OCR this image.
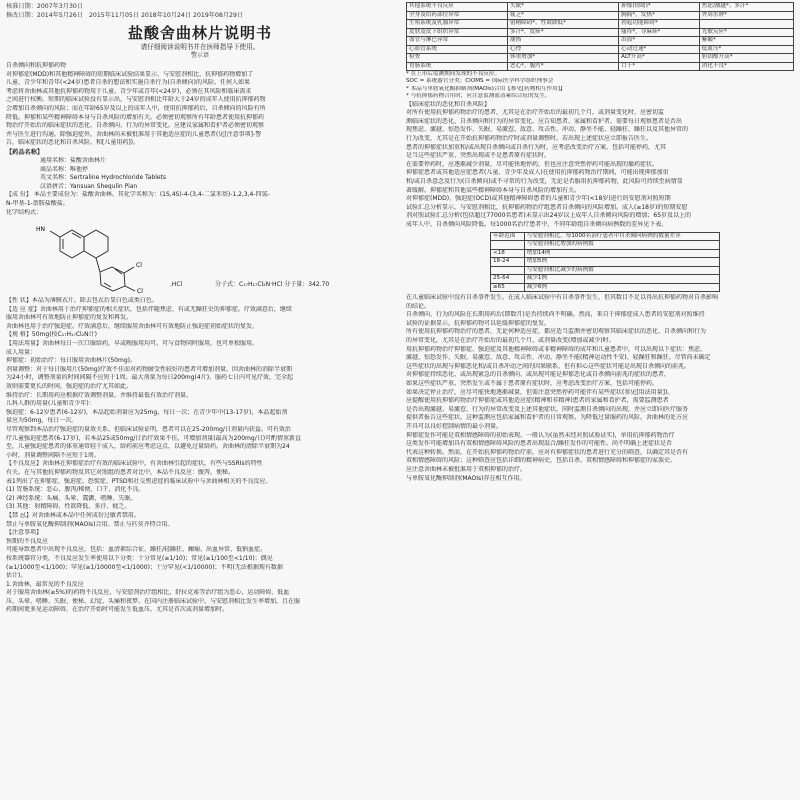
核准日期：2007年3月30日
修改日期：2014年5月26日 2015年11月05日 2018年10月24日 2019年08月29日
盐酸舍曲林片说明书
请仔细阅读说明书并在医师指导下使用。
警示语

自杀倾向和抗抑郁药物

对抑郁症(MDD)和其他精神障碍的短期临床试验结果显示，与安慰剂相比，抗抑郁药物增加了

儿童、青少年和青年(<24岁)患者自杀的想法和实施自杀行为(自杀倾向)的风险。任何人如果

考虑将舍曲林或其他抗抑郁药物用于儿童、青少年或青年(<24岁)，必须在其风险和临床需求

之间进行权衡。短期的临床试验没有显示出，与安慰剂相比年龄大于24岁的成年人使用抗抑郁药物

会增加自杀倾向的风险；而在年龄65岁及以上的成年人中，使用抗抑郁药后，自杀倾向的风险有所

降低。抑郁和某些精神障碍本身与自杀风险的增加有关。必须密切观察所有年龄患者使用抗抑郁药

物治疗开始后的临床症状的恶化、自杀倾向、行为的异常变化。应建议家属和看护者必须密切观察

并与医生进行沟通。除强迫症外，舍曲林尚未被批准用于其他适应症的儿童患者(见[注意事项]-警

告，临床症状的恶化和自杀风险，和[儿童用药])。

【药品名称】

通用名称：盐酸舍曲林片

商品名称：唯他停

英文名称：Sertraline Hydrochloride Tablets

汉语拼音：Yansuan Shequlin Pian

【成 份】 本品主要成份为：盐酸舍曲林。其化学名称为：(1S,4S)-4-(3,4-二氯苯基)-1,2,3,4-四氢-

N-甲基-1-萘胺盐酸盐。

化学结构式：

HN
Cl
Cl
.HCl	分子式：C₁₇H₁₇Cl₂N·HCl 分子量：342.70

【性 状】本品为薄膜衣片，除去包衣后显白色或类白色。

【适 应 症】舍曲林用于治疗抑郁症的相关症状，包括伴随焦虑、有或无躁狂史的抑郁症。疗效满意后，继续

服用舍曲林可有效地防止抑郁症的复发和再发。

舍曲林也用于治疗强迫症。疗效满意后，继续服用舍曲林可有效地防止强迫症初始症状的复发。

【规 格】50mg(按C₁₇H₁₇Cl₂N计)

【用法用量】舍曲林每日一次口服给药，早或晚服用均可。可与食物同时服用，也可单独服用。

成人用量：

抑郁症：初始治疗：每日服用舍曲林片(50mg)。

剂量调整：对于每日服用片(50mg)疗效不佳而对药物耐受性较好的患者可增加剂量，因舍曲林的消除半衰期

为24小时，调整剂量的时间间隔不应短于1周。最大剂量为每日200mg(4片)。服药七日内可见疗效，完全起

效则需要更长的时间，强迫症的治疗尤其如此。

维持治疗：长期用药应根据疗效调整剂量，并维持最低有效治疗剂量。

儿科人群的用量(儿童和青少年)：

强迫症：6-12岁患者(6-12岁)，本品起始剂量应为25mg，每日一次；在青少年中(13-17岁)，本品起始剂

量应为50mg，每日一次。

尽管观察到本品治疗强迫症的量效关系，但临床试验证明，患者可以在25-200mg/日剂量内获益。可有效治

疗儿童强迫症患者(6-17岁)，若本品25或50mg/日治疗效果不佳，可增加剂量(最高为200mg/日)可酌情重新直

至，儿童强迫症患者的体重通常轻于成人，给药前应考虑这点，以避免过量给药。舍曲林的清除半衰期为24

小时，剂量调整间隔不应短于1周。

【不良反应】舍曲林在抑郁症治疗有效的临床试验中，有舍曲林引起的症状，有些与SSRIs的特性

有关。在与其他抗抑郁药物及其它对照组的患者对比中，本品不良反应：腹泻，便秘。

表1列出了在抑郁症、强迫症、恐慌症、PTSD和社交焦虑症的临床试验中与舍曲林相关的不良反应。

(1) 胃肠系统：恶心、腹泻/稀便、口干、消化不良。

(2) 神经系统：头痛、头晕、震颤、嗜睡、失眠。

(3) 其他：射精障碍、性欲降低、多汗、疲乏。

【禁 忌】对舍曲林或本品中任何成份过敏者禁用。

禁止与单胺氧化酶抑制剂(MAOIs)合用。禁止与匹莫齐特合用。

【注意事项】

预期的不良反应

可能导致患者中出现不良反应，包括：血清素综合征、躁狂/轻躁狂、癫痫、出血异常、低钠血症。

按系统器官分类，不良反应发生率使用以下分类：十分常见(≥1/10)；常见(≥1/100至<1/10)；偶见

(≥1/1000至<1/100)；罕见(≥1/10000至<1/1000)；十分罕见(<1/10000)；不明(无法根据现有数据

估计)。

1.舍曲林，最常见的不良反应

对于服用舍曲林(≥5%)的药物不良反应，与安慰剂治疗组相比，舒拉克索等治疗组为恶心、运动障碍、低血

压、头晕、嗜睡、失眠、便秘、幻觉、头痛和夜梦。在国内注册临床试验中，与安慰剂相比发生率增加，且在服

药期间更多见运动障碍，在治疗开始时可能发生低血压，尤其是首次或剂量增加时。

其他系统不良反应	失眠*	抑郁(情绪)*	焦虑/激越*；多汗*
全身及给药部位异常	疲乏*	胸痛*，发热*	外周水肿*
生殖系统及乳腺异常	射精障碍*，性欲降低*	勃起功能障碍*	
皮肤及皮下组织异常	多汗*，皮疹*	瘙痒*，荨麻疹*	光敏反应*
血管与淋巴异常	潮热	出血*	紫癜*
心血管系统	心悸	心动过速*	低血压*
检查	体重增加*	ALT升高*	胆固醇升高*
胃肠系统	恶心*，腹泻*	口干*	消化不良*
* 在上市后监测期间发现的不良反应。
SOC = 系统器官分类；CIOMS = 国际医学科学组织理事会
* 本品与单胺氧化酶抑制剂(MAOIs)合用【参见[药物相互作用]】
* 与抗抑郁药物合用时，应注意监测血清素综合征的发生。

【临床症状的恶化和自杀风险】

对所有使用抗抑郁药物治疗的患者，尤其是在治疗开始后的最初几个月，或剂量变化时，应密切监

测临床症状的恶化、自杀倾向和行为的异常变化。应告知患者、家属和看护者，需要每日观察患者是否出

现焦虑、激越、惊恐发作、失眠、易激惹、敌意、攻击性、冲动、静坐不能、轻躁狂、躁狂以及其他异常的

行为改变，尤其是在开始抗抑郁药物治疗时或剂量调整时。若出现上述症状应立即报告医生。

患者的抑郁症状加重和/或出现自杀倾向或自杀行为时，应考虑改变治疗方案，包括可能停药，尤其

是当这些症状严重、突然出现或不是患者原有症状时。

在需要停药时，应逐渐减少剂量，尽可能快地停药，但也应注意突然停药可能出现的撤药症状。

抑郁症患者或其他适应症患者(儿童、青少年及成人)在使用抗抑郁药物治疗期间，可能出现抑郁加重

和/或自杀意念及行为(自杀倾向)或不寻常的行为改变，无论是否服用抗抑郁药物，此风险可持续至病情显

著缓解。抑郁症和其他某些精神障碍本身与自杀风险的增加有关。

对抑郁症(MDD)、强迫症(OCD)或其他精神障碍患者的儿童和青少年(<18岁)进行的安慰剂对照短期

试验汇总分析显示，与安慰剂相比，抗抑郁药物治疗组患者自杀倾向的风险增加。成人(≥18岁)的短期安慰

剂对照试验汇总分析(包括超过77000名患者)未显示出24岁以上成年人自杀倾向风险的增加；65岁及以上的

成年人中，自杀倾向风险降低。每1000名治疗患者中，不同年龄组自杀倾向病例数的差异见下表。

年龄范围	与安慰剂相比，每1000名治疗患者中自杀倾向病例的数量差异
	与安慰剂相比增加的病例数
<18	增加14例
18-24	增加5例
	与安慰剂相比减少的病例数
25-64	减少1例
≥65	减少6例

在儿童临床试验中没有自杀事件发生。在成人临床试验中有自杀事件发生，但其数目不足以得出抗抑郁药物对自杀影响

的结论。

自杀倾向、行为的风险在长期用药后(即数月)是否持续尚不明确。然而，来自于抑郁症成人患者的安慰剂对照维持

试验的证据显示，抗抑郁药物可以延缓抑郁症的复发。

所有使用抗抑郁药物治疗的患者，无论何种适应症，都应适当监测并密切观察其临床症状的恶化、自杀倾向和行为

的异常变化，尤其是在治疗开始后的最初几个月，或剂量改变(增加或减少)时。

用抗抑郁药物治疗抑郁症、强迫症及其他精神障碍或非精神障碍的成年和儿童患者中，可以出现以下症状：焦虑、

激越、惊恐发作、失眠、易激惹、敌意、攻击性、冲动、静坐不能(精神运动性不安)、轻躁狂和躁狂。尽管尚未确定

这些症状的出现与抑郁恶化和/或自杀冲动之间的因果联系，但有担心这些症状可能是出现自杀倾向的前兆。

对抑郁症持续恶化、或出现紧急的自杀倾向、或出现可能是抑郁恶化或自杀倾向前兆的症状的患者，

如果这些症状严重、突然发生或不属于患者原有症状时，应考虑改变治疗方案，包括可能停药。

如果决定停止治疗，应尽可能快地逐渐减量，但需注意突然停药可能伴有某些症状(参见[用法用量])。

应提醒使用抗抑郁药物治疗抑郁症或其他适应症(精神和非精神)患者的家属和看护者，需要监测患者

是否出现激越、易激惹、行为的异常改变及上述其他症状，同时监测自杀倾向的出现，并应立即向医疗服务

提供者报告这些症状。这种监测应包括家属和看护者的日常观察。为降低过量服药的风险，舍曲林的处方应

开具可以良好控制病情的最小剂量。

抑郁症发作可能是双相情感障碍的初始表现。一般认为(虽然未经对照试验证实)，单用抗抑郁药物治疗

这类发作可能增加具有双相情感障碍风险的患者出现混合/躁狂发作的可能性。尚不明确上述症状是否

代表这种转换。然而，在开始抗抑郁药物治疗前，应对有抑郁症状的患者进行充分的筛查，以确定其是否有

双相情感障碍的风险；这种筛查应包括详细的精神病史，包括自杀、双相情感障碍和抑郁症的家族史。

应注意舍曲林未被批准用于双相抑郁的治疗。

与单胺氧化酶抑制剂(MAOIs)存在相互作用。
